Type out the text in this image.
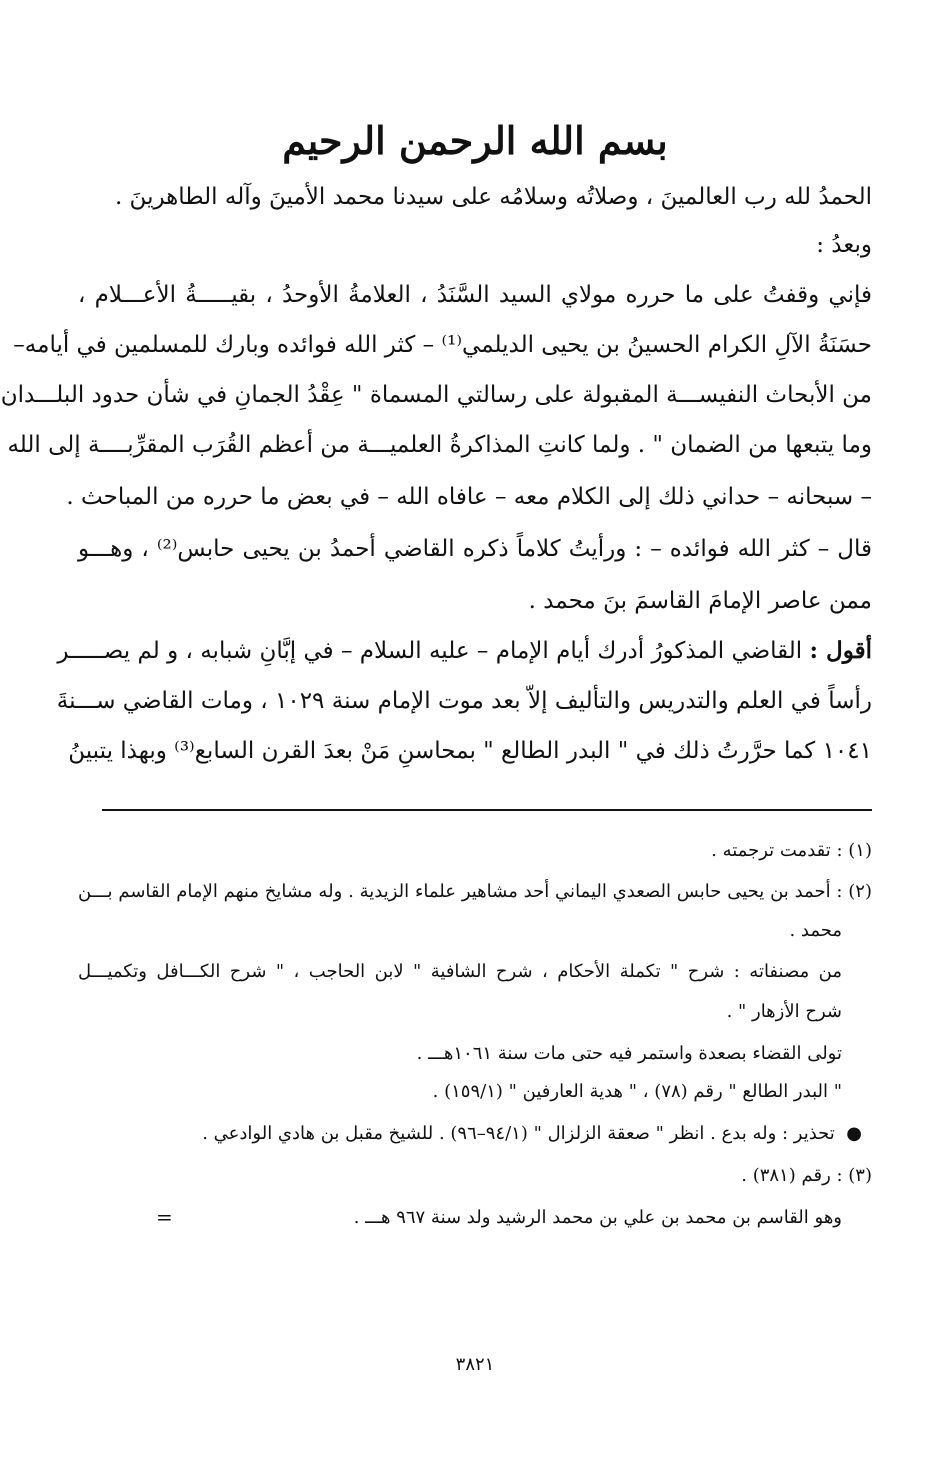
بسم الله الرحمن الرحيم
الحمدُ لله رب العالمينَ ، وصلاتُه وسلامُه على سيدنا محمد الأمينَ وآله الطاهرينَ .
وبعدُ :
فإني وقفتُ على ما حرره مولاي السيد السَّنَدُ ، العلامةُ الأوحدُ ، بقيـــــةُ الأعـــلام ،
حسَنَةُ الآلِ الكرام الحسينُ بن يحيى الديلمي⁽¹⁾ – كثر الله فوائده وبارك للمسلمين في أيامه–
من الأبحاث النفيســـة المقبولة على رسالتي المسماة " عِقْدُ الجمانِ في شأن حدود البلـــدان
وما يتبعها من الضمان " . ولما كانتِ المذاكرةُ العلميـــة من أعظم القُرَب المقرِّبــــة إلى الله
– سبحانه – حداني ذلك إلى الكلام معه – عافاه الله – في بعض ما حرره من المباحث .
قال – كثر الله فوائده – : ورأيتُ كلاماً ذكره القاضي أحمدُ بن يحيى حابس⁽²⁾ ، وهـــو
ممن عاصر الإمامَ القاسمَ بنَ محمد .
أقول : القاضي المذكورُ أدرك أيام الإمام – عليه السلام – في إبَّانِ شبابه ، و لم يصـــــر
رأساً في العلم والتدريس والتأليف إلاّ بعد موت الإمام سنة ١٠٢٩ ، ومات القاضي ســـنةَ
١٠٤١ كما حرَّرتُ ذلك في " البدر الطالع " بمحاسنِ مَنْ بعدَ القرن السابع⁽³⁾ وبهذا يتبينُ
(١) : تقدمت ترجمته .
(٢) : أحمد بن يحيى حابس الصعدي اليماني أحد مشاهير علماء الزيدية . وله مشايخ منهم الإمام القاسم بـــن
محمد .
من مصنفاته : شرح " تكملة الأحكام ، شرح الشافية " لابن الحاجب ، " شرح الكـــافل وتكميـــل
شرح الأزهار " .
تولى القضاء بصعدة واستمر فيه حتى مات سنة ١٠٦١هـــ .
" البدر الطالع " رقم (٧٨) ، " هدية العارفين " (١٥٩/١) .
●  تحذير : وله بدع . انظر " صعقة الزلزال " (٩٤/١–٩٦) . للشيخ مقبل بن هادي الوادعي .
(٣) : رقم (٣٨١) .
وهو القاسم بن محمد بن علي بن محمد الرشيد ولد سنة ٩٦٧ هـــ .
=
٣٨٢١
